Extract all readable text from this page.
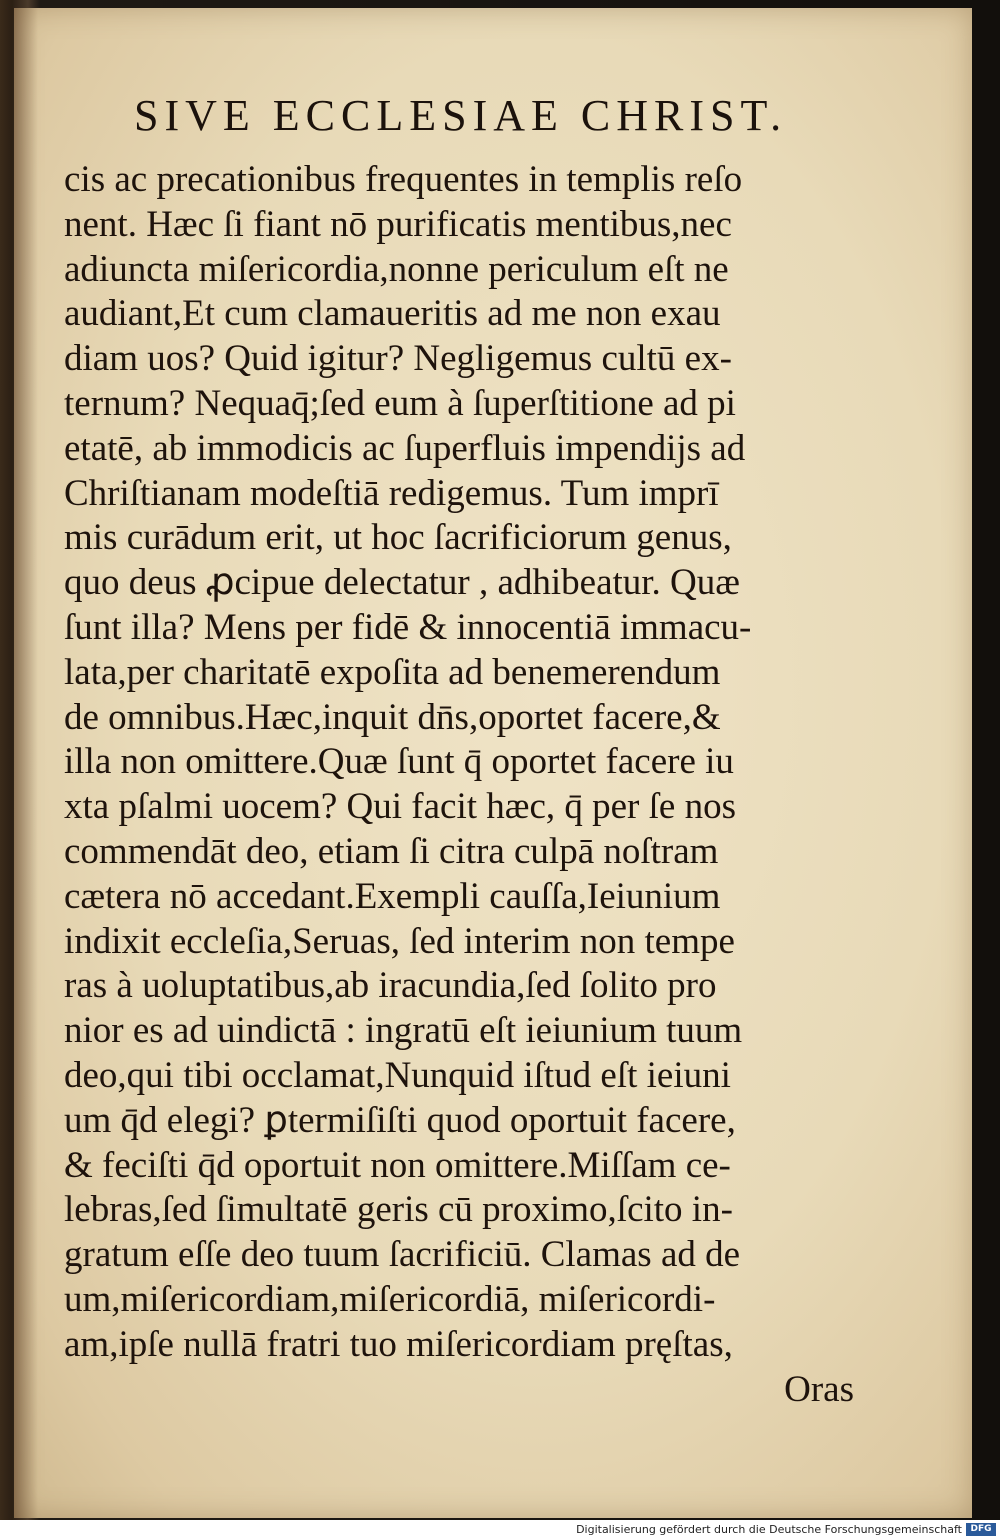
SIVE ECCLESIAE CHRIST.
cis ac precationibus frequentes in templis reſo
nent. Hæc ſi fiant nō purificatis mentibus,nec
adiuncta miſericordia,nonne periculum eſt ne
audiant,Et cum clamaueritis ad me non exau
diam uos? Quid igitur? Negligemus cultū ex-
ternum? Nequaq̄;ſed eum à ſuperſtitione ad pi
etatē, ab immodicis ac ſuperfluis impendijs ad
Chriſtianam modeſtiā redigemus. Tum imprī
mis curādum erit, ut hoc ſacrificiorum genus,
quo deus ꝓcipue delectatur , adhibeatur. Quæ
ſunt illa? Mens per fidē & innocentiā immacu-
lata,per charitatē expoſita ad benemerendum
de omnibus.Hæc,inquit dn̄s,oportet facere,&
illa non omittere.Quæ ſunt q̄ oportet facere iu
xta pſalmi uocem? Qui facit hæc, q̄ per ſe nos
commendāt deo, etiam ſi citra culpā noſtram
cætera nō accedant.Exempli cauſſa,Ieiunium
indixit eccleſia,Seruas, ſed interim non tempe
ras à uoluptatibus,ab iracundia,ſed ſolito pro
nior es ad uindictā : ingratū eſt ieiunium tuum
deo,qui tibi occlamat,Nunquid iſtud eſt ieiuni
um q̄d elegi? ꝑtermiſiſti quod oportuit facere,
& feciſti q̄d oportuit non omittere.Miſſam ce-
lebras,ſed ſimultatē geris cū proximo,ſcito in-
gratum eſſe deo tuum ſacrificiū. Clamas ad de
um,miſericordiam,miſericordiā, miſericordi-
am,ipſe nullā fratri tuo miſericordiam pręſtas,
Oras
Digitalisierung gefördert durch die Deutsche Forschungsgemeinschaft DFG
